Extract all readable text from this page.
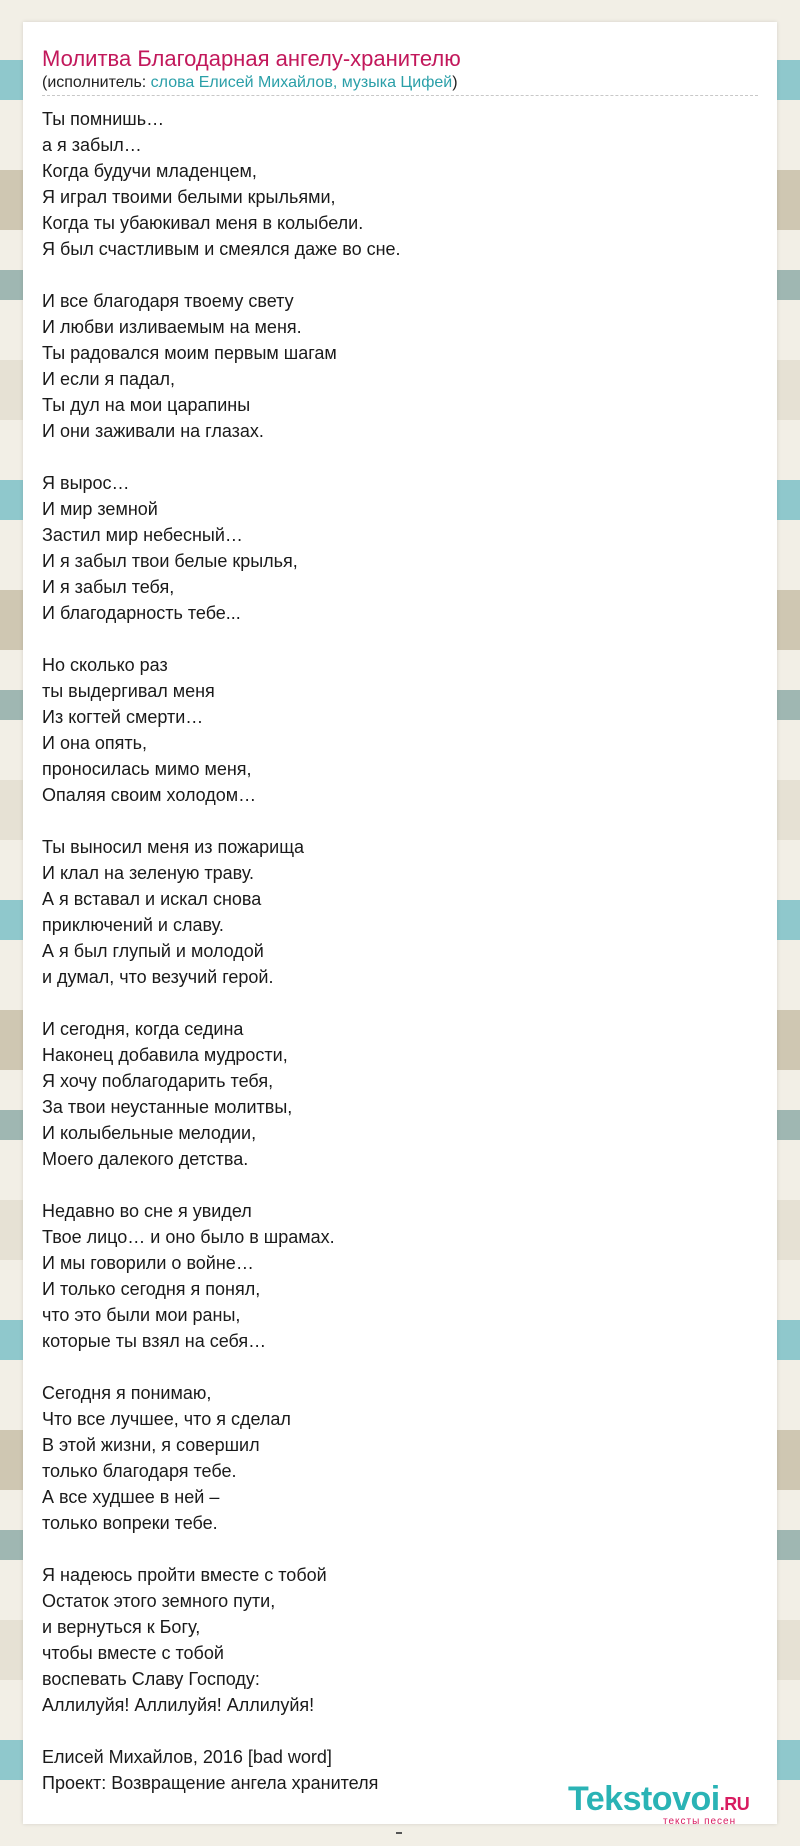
Молитва Благодарная ангелу-хранителю
(исполнитель: слова Елисей Михайлов, музыка Цифей)
Ты помнишь…
а я забыл…
Когда будучи младенцем,
Я играл твоими белыми крыльями,
Когда ты убаюкивал меня в колыбели.
Я был счастливым и смеялся даже во сне.
И все благодаря твоему свету
И любви изливаемым на меня.
Ты радовался моим первым шагам
И если я падал,
Ты дул на мои царапины
И они заживали на глазах.
Я вырос…
И мир земной
Застил мир небесный…
И я забыл твои белые крылья,
И я забыл тебя,
И благодарность тебе...
Но сколько раз
ты выдергивал меня
Из когтей смерти…
И она опять,
проносилась мимо меня,
Опаляя своим холодом…
Ты выносил меня из пожарища
И клал на зеленую траву.
А я вставал и искал снова
приключений и славу.
А я был глупый и молодой
и думал, что везучий герой.
И сегодня, когда седина
Наконец добавила мудрости,
Я хочу поблагодарить тебя,
За твои неустанные молитвы,
И колыбельные мелодии,
Моего далекого детства.
Недавно во сне я увидел
Твое лицо… и оно было в шрамах.
И мы говорили о войне…
И только сегодня я понял,
что это были мои раны,
которые ты взял на себя…
Сегодня я понимаю,
Что все лучшее, что я сделал
В этой жизни, я совершил
только благодаря тебе.
А все худшее в ней –
только вопреки тебе.
Я надеюсь пройти вместе с тобой
Остаток этого земного пути,
и вернуться к Богу,
чтобы вместе с тобой
воспевать Славу Господу:
Аллилуйя! Аллилуйя! Аллилуйя!
Елисей Михайлов, 2016 [bad word]
Проект: Возвращение ангела хранителя	Tekstovoi.RU
тексты песен
